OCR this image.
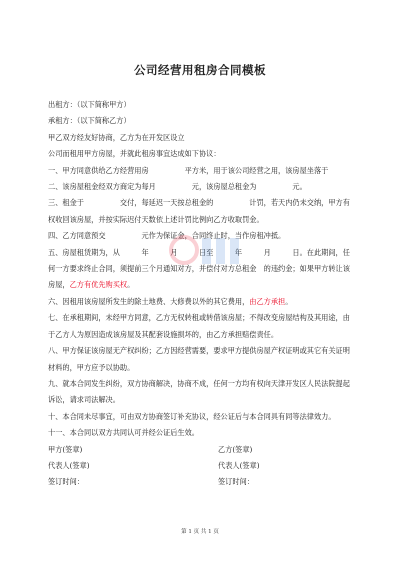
公司经营用租房合同模板
出租方：（以下简称甲方）
承租方：（以下简称乙方）
甲乙双方经友好协商，乙方为在开发区设立
公司而租用甲方房屋，并就此租房事宜达成如下协议：
一、甲方同意供给乙方经营用房　　　　　平方米，用于该公司经营之用，该房屋坐落于
二、该房屋租金经双方商定为每月　　　　　元，该房屋总租金为　　　　　元。
三、租金于　　　　　交付，每延迟一天按总租金的　　　　　计罚，若天内仍未交纳，甲方有权收回该房屋，并按实际迟付天数依上述计罚比例向乙方收取罚金。
四、乙方同意预交　　　　　元作为保证金，合同终止时，当作房租冲抵。
五、房屋租赁期为，从　　　年　　　月　　　日至　　　年　　　月　　　日。在此期间，任何一方要求终止合同，须提前三个月通知对方，并偿付对方总租金　的违约金；如果甲方转让该房屋，乙方有优先购买权。
六、因租用该房屋所发生的除土地费、大修费以外的其它费用，由乙方承担。
七、在承租期间，未经甲方同意，乙方无权转租或转借该房屋；不得改变房屋结构及其用途，由于乙方人为原因造成该房屋及其配套设施损坏的，由乙方承担赔偿责任。
八、甲方保证该房屋无产权纠纷；乙方因经营需要，要求甲方提供房屋产权证明或其它有关证明材料的，甲方应予以协助。
九、就本合同发生纠纷，双方协商解决，协商不成，任何一方均有权向天津开发区人民法院提起诉讼，请求司法解决。
十、本合同未尽事宜，可由双方协商签订补充协议，经公证后与本合同具有同等法律效力。
十一、本合同以双方共同认可并经公证后生效。
甲方(签章)	乙方(签章)
代表人(签章)	代表人(签章)
签订时间：	签订时间：
第 1 页 共 1 页
